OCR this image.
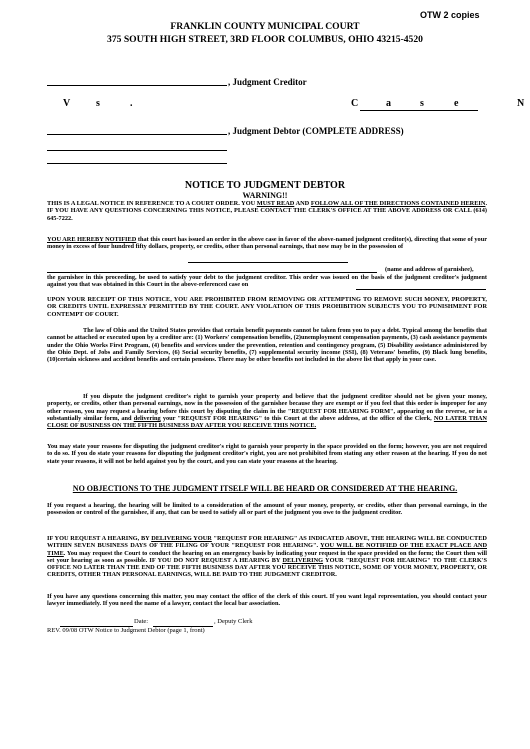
OTW 2 copies
FRANKLIN COUNTY MUNICIPAL COURT
375 SOUTH HIGH STREET, 3RD FLOOR COLUMBUS, OHIO 43215-4520
, Judgment Creditor
V	s	.	C	a	s	e	N
, Judgment Debtor (COMPLETE ADDRESS)
NOTICE TO JUDGMENT DEBTOR
WARNING!!
THIS IS A LEGAL NOTICE IN REFERENCE TO A COURT ORDER. YOU MUST READ AND FOLLOW ALL OF THE DIRECTIONS CONTAINED HEREIN. IF YOU HAVE ANY QUESTIONS CONCERNING THIS NOTICE, PLEASE CONTACT THE CLERK'S OFFICE AT THE ABOVE ADDRESS OR CALL (614) 645-7222.
YOU ARE HEREBY NOTIFIED that this court has issued an order in the above case in favor of the above-named judgment creditor(s), directing that some of your money in excess of four hundred fifty dollars, property, or credits, other than personal earnings, that now may be in the possession of
(name and address of garnishee),
the garnishee in this proceeding, be used to satisfy your debt to the judgment creditor. This order was issued on the basis of the judgment creditor's judgment against you that was obtained in this Court in the above-referenced case on
UPON YOUR RECEIPT OF THIS NOTICE, YOU ARE PROHIBITED FROM REMOVING OR ATTEMPTING TO REMOVE SUCH MONEY, PROPERTY, OR CREDITS UNTIL EXPRESSLY PERMITTED BY THE COURT. ANY VIOLATION OF THIS PROHIBITION SUBJECTS YOU TO PUNISHMENT FOR CONTEMPT OF COURT.
The law of Ohio and the United States provides that certain benefit payments cannot be taken from you to pay a debt. Typical among the benefits that cannot be attached or executed upon by a creditor are: (1) Workers' compensation benefits, (2)unemployment compensation payments, (3) cash assistance payments under the Ohio Works First Program, (4) benefits and services under the prevention, retention and contingency program, (5) Disability assistance administered by the Ohio Dept. of Jobs and Family Services, (6) Social security benefits, (7) supplemental security income (SSI), (8) Veterans' benefits, (9) Black lung benefits, (10)certain sickness and accident benefits and certain pensions. There may be other benefits not included in the above list that apply in your case.
If you dispute the judgment creditor's right to garnish your property and believe that the judgment creditor should not be given your money, property, or credits, other than personal earnings, now in the possession of the garnishee because they are exempt or if you feel that this order is improper for any other reason, you may request a hearing before this court by disputing the claim in the "REQUEST FOR HEARING FORM", appearing on the reverse, or in a substantially similar form, and delivering your "REQUEST FOR HEARING" to this Court at the above address, at the office of the Clerk, NO LATER THAN CLOSE OF BUSINESS ON THE FIFTH BUSINESS DAY AFTER YOU RECEIVE THIS NOTICE.
You may state your reasons for disputing the judgment creditor's right to garnish your property in the space provided on the form; however, you are not required to do so. If you do state your reasons for disputing the judgment creditor's right, you are not prohibited from stating any other reason at the hearing. If you do not state your reasons, it will not be held against you by the court, and you can state your reasons at the hearing.
NO OBJECTIONS TO THE JUDGMENT ITSELF WILL BE HEARD OR CONSIDERED AT THE HEARING.
If you request a hearing, the hearing will be limited to a consideration of the amount of your money, property, or credits, other than personal earnings, in the possession or control of the garnishee, if any, that can be used to satisfy all or part of the judgment you owe to the judgment creditor.
IF YOU REQUEST A HEARING, BY DELIVERING YOUR "REQUEST FOR HEARING" AS INDICATED ABOVE, THE HEARING WILL BE CONDUCTED WITHIN SEVEN BUSINESS DAYS OF THE FILING OF YOUR "REQUEST FOR HEARING". YOU WILL BE NOTIFIED OF THE EXACT PLACE AND TIME. You may request the Court to conduct the hearing on an emergency basis by indicating your request in the space provided on the form; the Court then will set your hearing as soon as possible. IF YOU DO NOT REQUEST A HEARING BY DELIVERING YOUR "REQUEST FOR HEARING" TO THE CLERK'S OFFICE NO LATER THAN THE END OF THE FIFTH BUSINESS DAY AFTER YOU RECEIVE THIS NOTICE, SOME OF YOUR MONEY, PROPERTY, OR CREDITS, OTHER THAN PERSONAL EARNINGS, WILL BE PAID TO THE JUDGMENT CREDITOR.
If you have any questions concerning this matter, you may contact the office of the clerk of this court. If you want legal representation, you should contact your lawyer immediately. If you need the name of a lawyer, contact the local bar association.
Date:	, Deputy Clerk
REV. 09/08 OTW Notice to Judgment Debtor (page 1, front)
